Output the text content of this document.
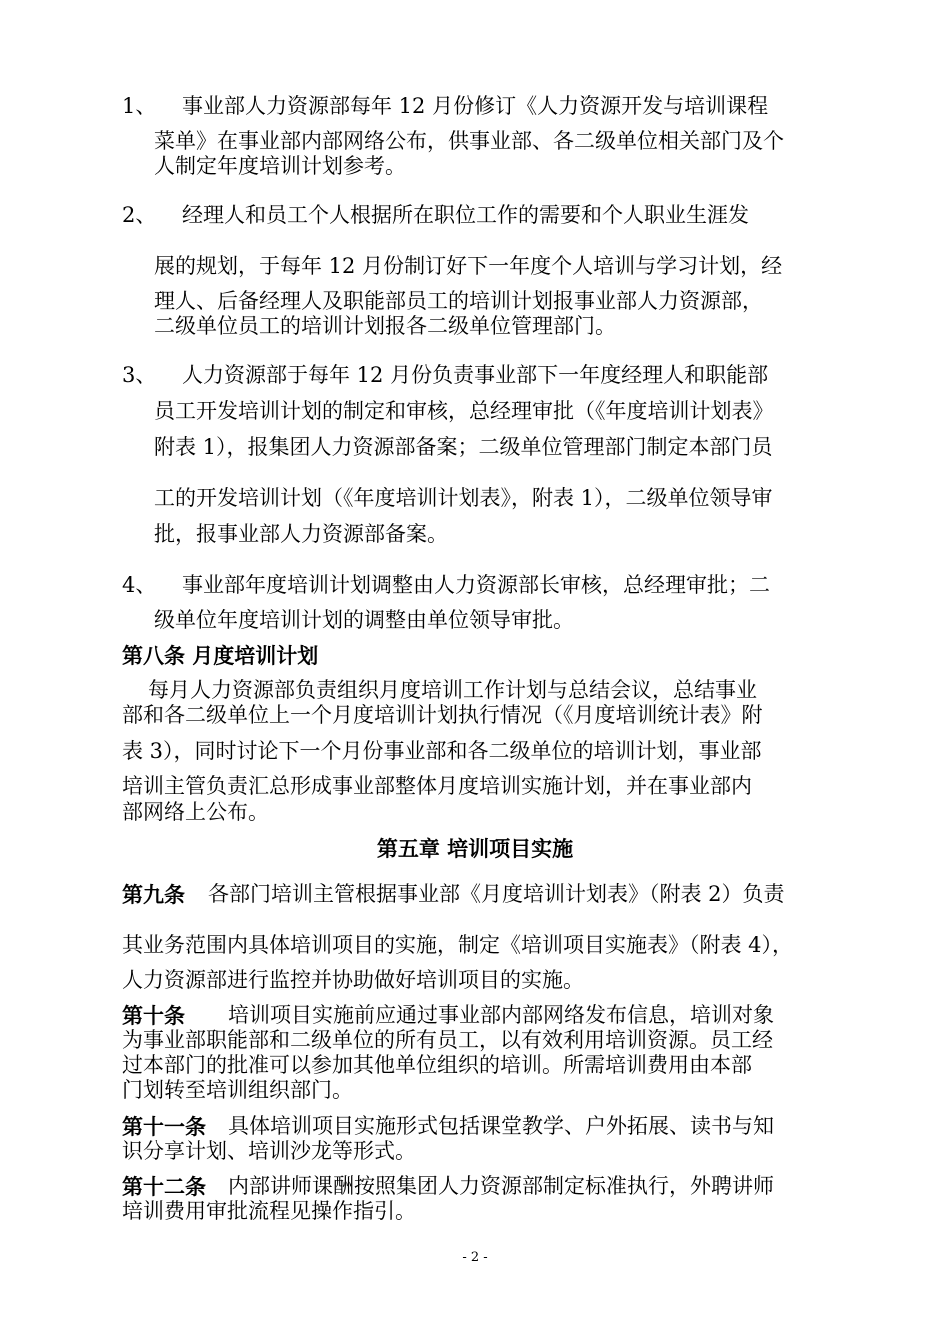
1、 事业部人力资源部每年 12 月份修订《人力资源开发与培训课程
菜单》在事业部内部网络公布，供事业部、各二级单位相关部门及个
人制定年度培训计划参考。
2、 经理人和员工个人根据所在职位工作的需要和个人职业生涯发
展的规划，于每年 12 月份制订好下一年度个人培训与学习计划，经
理人、后备经理人及职能部员工的培训计划报事业部人力资源部，
二级单位员工的培训计划报各二级单位管理部门。
3、 人力资源部于每年 12 月份负责事业部下一年度经理人和职能部
员工开发培训计划的制定和审核，总经理审批（《年度培训计划表》
附表 1），报集团人力资源部备案；二级单位管理部门制定本部门员
工的开发培训计划（《年度培训计划表》，附表 1），二级单位领导审
批，报事业部人力资源部备案。
4、 事业部年度培训计划调整由人力资源部长审核，总经理审批；二
级单位年度培训计划的调整由单位领导审批。
第八条 月度培训计划
每月人力资源部负责组织月度培训工作计划与总结会议，总结事业
部和各二级单位上一个月度培训计划执行情况（《月度培训统计表》附
表 3），同时讨论下一个月份事业部和各二级单位的培训计划，事业部
培训主管负责汇总形成事业部整体月度培训实施计划，并在事业部内
部网络上公布。
第五章 培训项目实施
第九条 各部门培训主管根据事业部《月度培训计划表》（附表 2）负责
其业务范围内具体培训项目的实施，制定《培训项目实施表》（附表 4），
人力资源部进行监控并协助做好培训项目的实施。
第十条 培训项目实施前应通过事业部内部网络发布信息，培训对象
为事业部职能部和二级单位的所有员工，以有效利用培训资源。员工经
过本部门的批准可以参加其他单位组织的培训。所需培训费用由本部
门划转至培训组织部门。
第十一条 具体培训项目实施形式包括课堂教学、户外拓展、读书与知
识分享计划、培训沙龙等形式。
第十二条 内部讲师课酬按照集团人力资源部制定标准执行，外聘讲师
培训费用审批流程见操作指引。
- 2 -
